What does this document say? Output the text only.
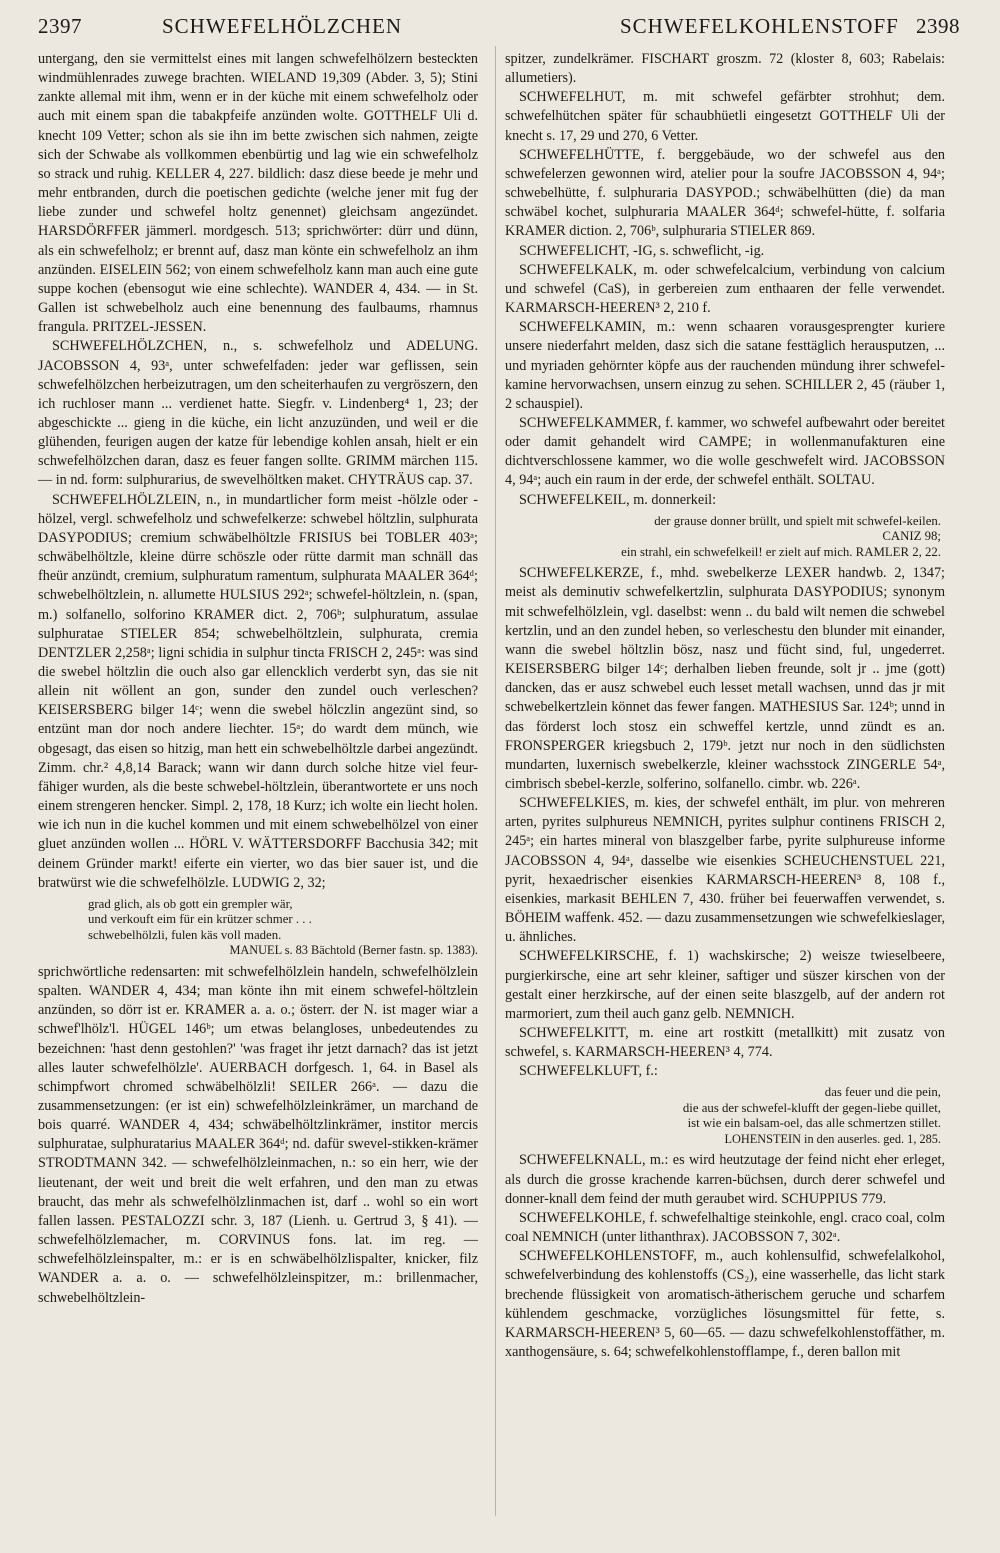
2397	SCHWEFELHÖLZCHEN	SCHWEFELKOHLENSTOFF 2398

untergang, den sie vermittelst eines mit langen schwefelhölzern besteckten windmühlenrades zuwege brachten. WIELAND 19,309 (Abder. 3, 5); Stini zankte allemal mit ihm, wenn er in der küche mit einem schwefelholz oder auch mit einem span die tabakpfeife anzünden wolte. GOTTHELF Uli d. knecht 109 Vetter; schon als sie ihn im bette zwischen sich nahmen, zeigte sich der Schwabe als vollkommen ebenbürtig und lag wie ein schwefelholz so strack und ruhig. KELLER 4, 227. bildlich: dasz diese beede je mehr und mehr entbranden, durch die poetischen gedichte (welche jener mit fug der liebe zunder und schwefel holtz genennet) gleichsam angezündet. HARSDÖRFFER jämmerl. mordgesch. 513; sprichwörter: dürr und dünn, als ein schwefelholz; er brennt auf, dasz man könte ein schwefelholz an ihm anzünden. EISELEIN 562; von einem schwefelholz kann man auch eine gute suppe kochen (ebensogut wie eine schlechte). WANDER 4, 434. — in St. Gallen ist schwebelholz auch eine benennung des faulbaums, rhamnus frangula. PRITZEL-JESSEN.

SCHWEFELHÖLZCHEN, n., s. schwefelholz und ADELUNG. JACOBSSON 4, 93ᵃ, unter schwefelfaden: jeder war geflissen, sein schwefelhölzchen herbeizutragen, um den scheiterhaufen zu vergröszern, den ich ruchloser mann ... verdienet hatte. Siegfr. v. Lindenberg⁴ 1, 23; der abgeschickte ... gieng in die küche, ein licht anzuzünden, und weil er die glühenden, feurigen augen der katze für lebendige kohlen ansah, hielt er ein schwefelhölzchen daran, dasz es feuer fangen sollte. GRIMM märchen 115. — in nd. form: sulphurarius, de swevelhöltken maket. CHYTRÄUS cap. 37.

SCHWEFELHÖLZLEIN, n., in mundartlicher form meist -hölzle oder -hölzel, vergl. schwefelholz und schwefelkerze: schwebel höltzlin, sulphurata DASYPODIUS; cremium schwäbelhöltzle FRISIUS bei TOBLER 403ᵃ; schwäbelhöltzle, kleine dürre schöszle oder rütte darmit man schnäll das fheür anzündt, cremium, sulphuratum ramentum, sulphurata MAALER 364ᵈ; schwebelhöltzlein, n. allumette HULSIUS 292ᵃ; schwefel-höltzlein, n. (span, m.) solfanello, solforino KRAMER dict. 2, 706ᵇ; sulphuratum, assulae sulphuratae STIELER 854; schwebelhöltzlein, sulphurata, cremia DENTZLER 2,258ᵃ; ligni schidia in sulphur tincta FRISCH 2, 245ᵃ: was sind die swebel höltzlin die ouch also gar ellencklich verderbt syn, das sie nit allein nit wöllent an gon, sunder den zundel ouch verleschen? KEISERSBERG bilger 14ᶜ; wenn die swebel hölczlin angezünt sind, so entzünt man dor noch andere liechter. 15ᵃ; do wardt dem münch, wie obgesagt, das eisen so hitzig, man hett ein schwebelhöltzle darbei angezündt. Zimm. chr.² 4,8,14 Barack; wann wir dann durch solche hitze viel feur-fähiger wurden, als die beste schwebel-höltzlein, überantwortete er uns noch einem strengeren hencker. Simpl. 2, 178, 18 Kurz; ich wolte ein liecht holen. wie ich nun in die kuchel kommen und mit einem schwebelhölzel von einer gluet anzünden wollen ... HÖRL V. WÄTTERSDORFF Bacchusia 342; mit deinem Gründer markt! eiferte ein vierter, wo das bier sauer ist, und die bratwürst wie die schwefelhölzle. LUDWIG 2, 32;

grad glich, als ob gott ein grempler wär,
und verkouft eim für ein krützer schmer . . .
schwebelhölzli, fulen käs voll maden.
MANUEL s. 83 Bächtold (Berner fastn. sp. 1383).

sprichwörtliche redensarten: mit schwefelhölzlein handeln, schwefelhölzlein spalten. WANDER 4, 434; man könte ihn mit einem schwefel-höltzlein anzünden, so dörr ist er. KRAMER a. a. o.; österr. der N. ist mager wiar a schwef'lhölz'l. HÜGEL 146ᵇ; um etwas belangloses, unbedeutendes zu bezeichnen: 'hast denn gestohlen?' 'was fraget ihr jetzt darnach? das ist jetzt alles lauter schwefelhölzle'. AUERBACH dorfgesch. 1, 64. in Basel als schimpfwort chromed schwäbelhölzli! SEILER 266ᵃ. — dazu die zusammensetzungen: (er ist ein) schwefelhölzleinkrämer, un marchand de bois quarré. WANDER 4, 434; schwäbelhöltzlinkrämer, institor mercis sulphuratae, sulphuratarius MAALER 364ᵈ; nd. dafür swevel-stikken-krämer STRODTMANN 342. — schwefelhölzleinmachen, n.: so ein herr, wie der lieutenant, der weit und breit die welt erfahren, und den man zu etwas braucht, das mehr als schwefelhölzlinmachen ist, darf .. wohl so ein wort fallen lassen. PESTALOZZI schr. 3, 187 (Lienh. u. Gertrud 3, § 41). — schwefelhölzlemacher, m. CORVINUS fons. lat. im reg. — schwefelhölzleinspalter, m.: er is en schwäbelhölzlispalter, knicker, filz WANDER a. a. o. — schwefelhölzleinspitzer, m.: brillenmacher, schwebelhöltzlein-

spitzer, zundelkrämer. FISCHART groszm. 72 (kloster 8, 603; Rabelais: allumetiers).

SCHWEFELHUT, m. mit schwefel gefärbter strohhut; dem. schwefelhütchen später für schaubhüetli eingesetzt GOTTHELF Uli der knecht s. 17, 29 und 270, 6 Vetter.

SCHWEFELHÜTTE, f. berggebäude, wo der schwefel aus den schwefelerzen gewonnen wird, atelier pour la soufre JACOBSSON 4, 94ᵃ; schwebelhütte, f. sulphuraria DASYPOD.; schwäbelhütten (die) da man schwäbel kochet, sulphuraria MAALER 364ᵈ; schwefel-hütte, f. solfaria KRAMER diction. 2, 706ᵇ, sulphuraria STIELER 869.

SCHWEFELICHT, -IG, s. schweflicht, -ig.

SCHWEFELKALK, m. oder schwefelcalcium, verbindung von calcium und schwefel (CaS), in gerbereien zum enthaaren der felle verwendet. KARMARSCH-HEEREN³ 2, 210 f.

SCHWEFELKAMIN, m.: wenn schaaren vorausgesprengter kuriere unsere niederfahrt melden, dasz sich die satane festtäglich herausputzen, ... und myriaden gehörnter köpfe aus der rauchenden mündung ihrer schwefel-kamine hervorwachsen, unsern einzug zu sehen. SCHILLER 2, 45 (räuber 1, 2 schauspiel).

SCHWEFELKAMMER, f. kammer, wo schwefel aufbewahrt oder bereitet oder damit gehandelt wird CAMPE; in wollenmanufakturen eine dichtverschlossene kammer, wo die wolle geschwefelt wird. JACOBSSON 4, 94ᵃ; auch ein raum in der erde, der schwefel enthält. SOLTAU.

SCHWEFELKEIL, m. donnerkeil:

der grause donner brüllt, und spielt mit schwefel-keilen.
CANIZ 98;
ein strahl, ein schwefelkeil! er zielt auf mich. RAMLER 2, 22.

SCHWEFELKERZE, f., mhd. swebelkerze LEXER handwb. 2, 1347; meist als deminutiv schwefelkertzlin, sulphurata DASYPODIUS; synonym mit schwefelhölzlein, vgl. daselbst: wenn .. du bald wilt nemen die schwebel kertzlin, und an den zundel heben, so verleschestu den blunder mit einander, wann die swebel höltzlin bösz, nasz und fücht sind, ful, ungederret. KEISERSBERG bilger 14ᶜ; derhalben lieben freunde, solt jr .. jme (gott) dancken, das er ausz schwebel euch lesset metall wachsen, unnd das jr mit schwebelkertzlein könnet das fewer fangen. MATHESIUS Sar. 124ᵇ; unnd in das förderst loch stosz ein schweffel kertzle, unnd zündt es an. FRONSPERGER kriegsbuch 2, 179ᵇ. jetzt nur noch in den südlichsten mundarten, luxernisch swebelkerzle, kleiner wachsstock ZINGERLE 54ᵃ, cimbrisch sbebel-kerzle, solferino, solfanello. cimbr. wb. 226ᵃ.

SCHWEFELKIES, m. kies, der schwefel enthält, im plur. von mehreren arten, pyrites sulphureus NEMNICH, pyrites sulphur continens FRISCH 2, 245ᵃ; ein hartes mineral von blaszgelber farbe, pyrite sulphureuse informe JACOBSSON 4, 94ᵃ, dasselbe wie eisenkies SCHEUCHENSTUEL 221, pyrit, hexaedrischer eisenkies KARMARSCH-HEEREN³ 8, 108 f., eisenkies, markasit BEHLEN 7, 430. früher bei feuerwaffen verwendet, s. BÖHEIM waffenk. 452. — dazu zusammensetzungen wie schwefelkieslager, u. ähnliches.

SCHWEFELKIRSCHE, f. 1) wachskirsche; 2) weisze twieselbeere, purgierkirsche, eine art sehr kleiner, saftiger und süszer kirschen von der gestalt einer herzkirsche, auf der einen seite blaszgelb, auf der andern rot marmoriert, zum theil auch ganz gelb. NEMNICH.

SCHWEFELKITT, m. eine art rostkitt (metallkitt) mit zusatz von schwefel, s. KARMARSCH-HEEREN³ 4, 774.

SCHWEFELKLUFT, f.:

das feuer und die pein,
die aus der schwefel-klufft der gegen-liebe quillet,
ist wie ein balsam-oel, das alle schmertzen stillet.
LOHENSTEIN in den auserles. ged. 1, 285.

SCHWEFELKNALL, m.: es wird heutzutage der feind nicht eher erleget, als durch die grosse krachende karren-büchsen, durch derer schwefel und donner-knall dem feind der muth geraubet wird. SCHUPPIUS 779.

SCHWEFELKOHLE, f. schwefelhaltige steinkohle, engl. craco coal, colm coal NEMNICH (unter lithanthrax). JACOBSSON 7, 302ᵃ.

SCHWEFELKOHLENSTOFF, m., auch kohlensulfid, schwefelalkohol, schwefelverbindung des kohlenstoffs (CS₂), eine wasserhelle, das licht stark brechende flüssigkeit von aromatisch-ätherischem geruche und scharfem kühlendem geschmacke, vorzügliches lösungsmittel für fette, s. KARMARSCH-HEEREN³ 5, 60—65. — dazu schwefelkohlenstoffäther, m. xanthogensäure, s. 64; schwefelkohlenstofflampe, f., deren ballon mit
